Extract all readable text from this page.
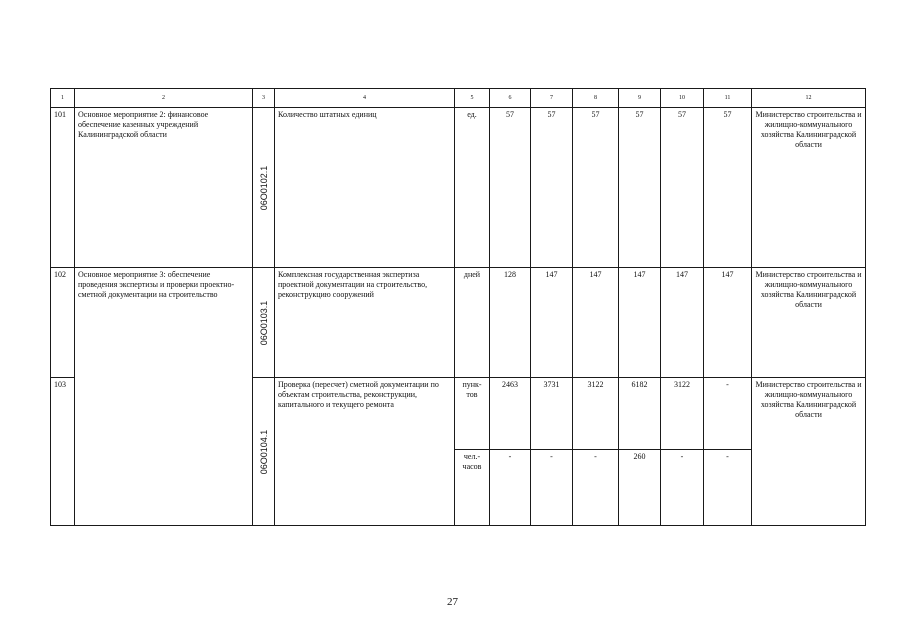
1	2	3	4	5	6	7	8	9	10	11	12
101	Основное мероприятие 2: финансовое обеспечение казенных учреждений Калининградской области	06О0102.1	Количество штатных единиц	ед.	57	57	57	57	57	57	Министерство строительства и жилищно-коммунального хозяйства Калининградской области
102	Основное мероприятие 3: обеспечение проведения экспертизы и проверки проектно-сметной документации на строительство	06О0103.1	Комплексная государственная экспертиза проектной документации на строительство, реконструкцию сооружений	дней	128	147	147	147	147	147	Министерство строительства и жилищно-коммунального хозяйства Калининградской области
103		06О0104.1	Проверка (пересчет) сметной документации по объектам строительства, реконструкции, капитального и текущего ремонта	пунк-тов	2463	3731	3122	6182	3122	-	Министерство строительства и жилищно-коммунального хозяйства Калининградской области
				чел.-часов	-	-	-	260	-	-	
27
